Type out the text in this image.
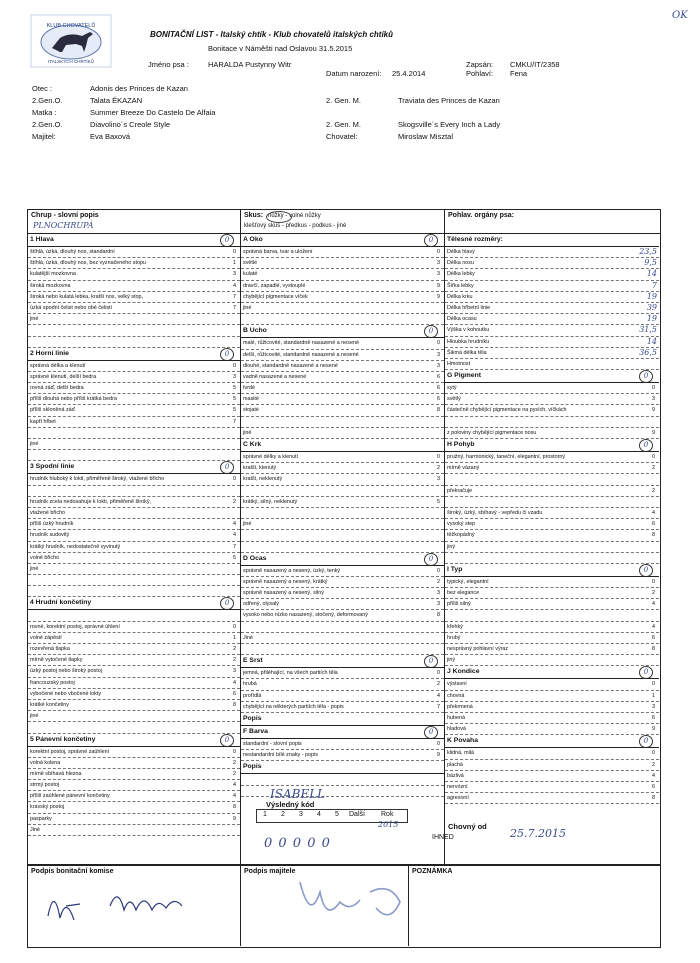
KLUB CHOVATELŮ
ITALSKÝCH CHRTÍKŮ
BONITAČNÍ LIST - Italský chtík - Klub chovatelů italských chtíků
Bonitace v Náměšti nad Oslavou 31.5.2015
OK
Jméno psa :	HARALDA Pustynny Witr
Datum narození: 25.4.2014
Zapsán: CMKU/IT/2358
Pohlaví: Fena
Otec :	Adonis des Princes de Kazan
2.Gen.O.	Talata ÉKAZAN	2. Gen. M.	Traviata des Princes de Kazan
Matka :	Summer Breeze Do Castelo De Alfaia
2.Gen.O.	Diavolino´s Creole Style	2. Gen. M.	Skogsville´s Every Inch a Lady
Majitel:	Eva Baxová	Chovatel:	Miroslaw Misztal
Chrup - slovní popis
PLNOCHRUPÁ
Skus: nůžky - volné nůžky
klešťový skus - předkus - podkus - jiné
Pohlav. orgány psa:
1 Hlava	0
štíhlá, úzká, dlouhý nos, standardní	0
štíhlá, úzká, dlouhý nos, bez vyznačeného stopu	1
kulatější mozkovna	3
široká mozkovna	4
široká nebo kulatá lebka, kratší nos, velký stop,	7
úzká spodní čelist nebo obě čelisti	7
jiné
2 Horní linie	0
správná délka a klenutí	0
správné klenutí, delší bedra	3
rovná záď, delší bedra	5
příliš dlouhá nebo příliš krátká bedra	5
příliš skloněná záď	5
kapří hřbet	7
jiné
3 Spodní linie	0
hrudník hluboký k lokti, přiměřeně široký, vtažené břicho	0
hrudník zcela nedosahuje k lokti, přiměřeně široký,	2
vtažené břicho
příliš úzký hrudník	4
hrudník sudovitý	4
krátký hrudník, nedostatečně vyvinutý	7
volné břicho	5
jiné
4 Hrudní končetiny	0
rovné, korektní postoj, správné úhlení	0
volné zápěstí	1
rozevřená tlapka	2
mírně vytočené tlapky	2
úzký postoj nebo široký postoj	3
francouzský postoj	4
vybočené nebo vbočené lokty	6
krátké končetiny	8
jiné
5 Pánevní končetiny	0
korektní postoj, správné zaúhlení	0
volná kolena	2
mírně sbíhavá hlezna	2
strmý postoj	4
příliš zaúhlené pánevní končetiny	4
kravský postoj	8
pasparky	9
Jiné
A Oko	0
správná barva, tvar a uložení	0
světlé	3
kulaté	3
dravčí, zapadlé, vystouplé	9
chybějící pigmentace víček	9
jiné
B Ucho	0
malé, růžicovité, standardně nasazené a nesené	0
delší, růžicovité, standardně nasazené a nesené	3
dlouhé, standardně nasazené a nesené	3
vadně nasazené a nesené	6
tvrdé	6
masité	6
stojaté	8
jiné
C Krk
správné délky a klenutí	0
kratší, klenutý	2
kratší, neklenutý	3
krátký, silný, neklenutý	5
jiné
D Ocas	0
správně nasazený a nesený, úzký, tenký	0
správně nasazený a nesený, krátký	2
správně nasazený a nesený, silný	3
odřený, olysalý	3
vysoko nebo nízko nasazený, stočený, deformovaný	8
Jiné
E Srst	0
jemná, přiléhající, na všech partiích těla	0
hrubá	2
prořídlá	4
chybějící na některých partiích těla - popis	7
Popis
F Barva	0
standardní - slovní popis	0
nestandardní bílé znaky - popis	9
Popis
Tělesné rozměry:
Délka hlavy	23,5
Délka nosu	9,5
Délka lebky	14
Šířka lebky	7
Délka krku	19
Délka hřbetní linie	39
Délka ocasu	19
Výška v kohoutku	31,5
Hloubka hrudníku	14
Šikmá délka těla	36,5
Hmotnost
G Pigment	0
sytý	0
světlý	3
částečně chybějící pigmentace na pysích, víčkách	9
z poloviny chybějící pigmentace nosu	9
H Pohyb	0
pružný, harmonický, taneční, elegantní, prostorný	0
mírně vázaný	2
překračuje	2
široký, úzký, sbíhavý - vepředu či vzadu	4
vysoký step	6
těžkopádný	8
jiný
I Typ	0
typický, elegantní	0
bez elegance	2
příliš silný	4
křehký	4
hrubý	6
nesprávný pohlavní výraz	8
jiný
J Kondice	0
výstavní	0
chovná	1
překrmená	3
hubená	6
hladová	9
K Povaha	0
klidná, milá	0
plachá	2
bázlivá	4
nervózní	6
agresivní	8
ISABELL
Výsledný kód
1 2 3 4 5 Další Rok
2015
0 0 0 0 0
Chovný od
IHNED	25.7.2015
Podpis bonitační komise	Podpis majitele	POZNÁMKA
